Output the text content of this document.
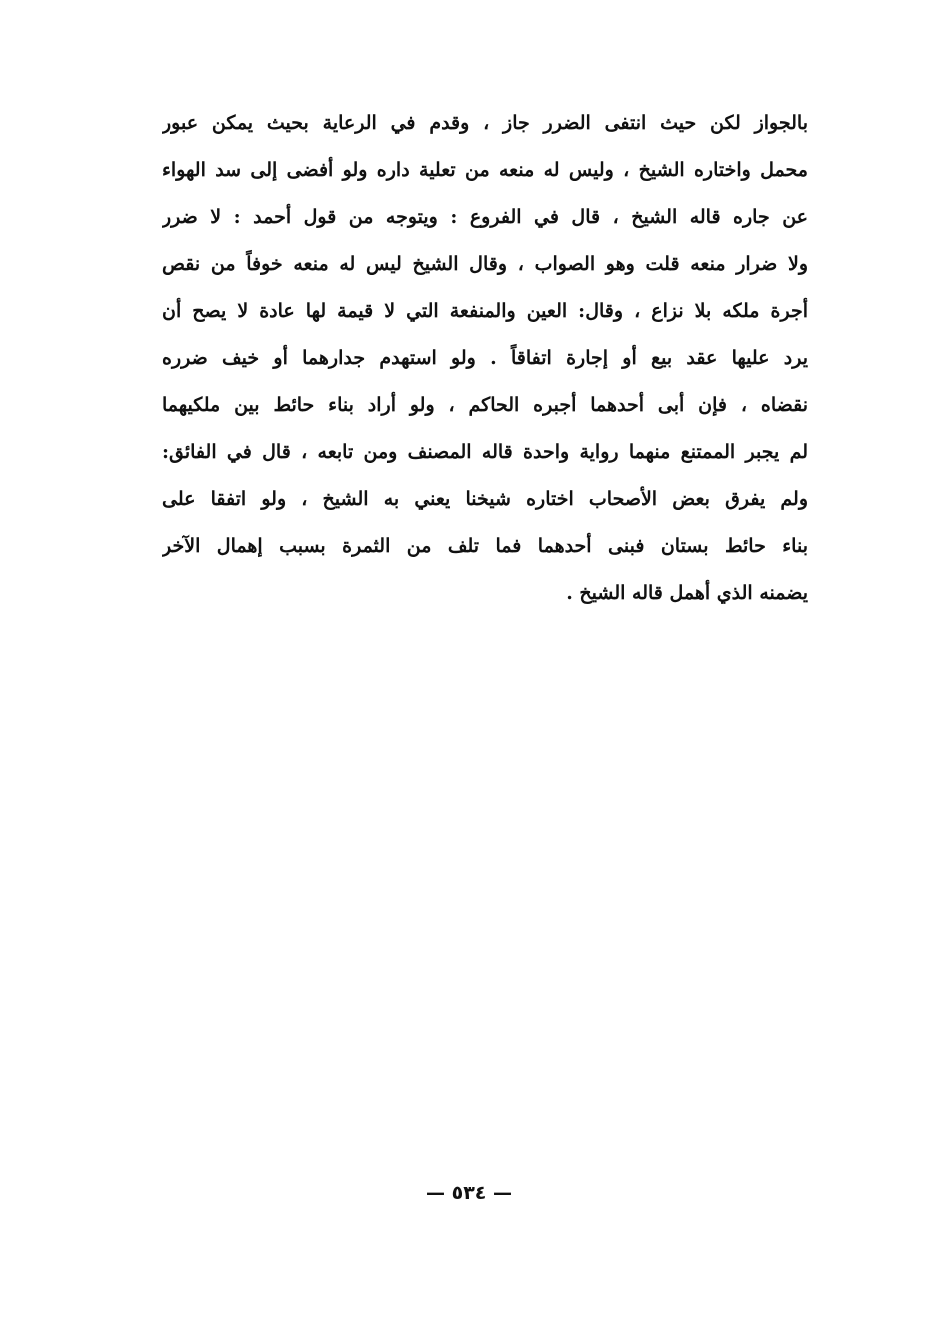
بالجواز لكن حيث انتفى الضرر جاز ، وقدم في الرعاية بحيث يمكن عبور
محمل واختاره الشيخ ، وليس له منعه من تعلية داره ولو أفضى إلى سد الهواء
عن جاره قاله الشيخ ، قال في الفروع : ويتوجه من قول أحمد : لا ضرر
ولا ضرار منعه قلت وهو الصواب ، وقال الشيخ ليس له منعه خوفاً من نقص
أجرة ملكه بلا نزاع ، وقال: العين والمنفعة التي لا قيمة لها عادة لا يصح أن
يرد عليها عقد بيع أو إجارة اتفاقاً . ولو استهدم جدارهما أو خيف ضرره
نقضاه ، فإن أبى أحدهما أجبره الحاكم ، ولو أراد بناء حائط بين ملكيهما
لم يجبر الممتنع منهما رواية واحدة قاله المصنف ومن تابعه ، قال في الفائق:
ولم يفرق بعض الأصحاب اختاره شيخنا يعني به الشيخ ، ولو اتفقا على
بناء حائط بستان فبنى أحدهما فما تلف من الثمرة بسبب إهمال الآخر
يضمنه الذي أهمل قاله الشيخ .
— ٥٣٤ —
